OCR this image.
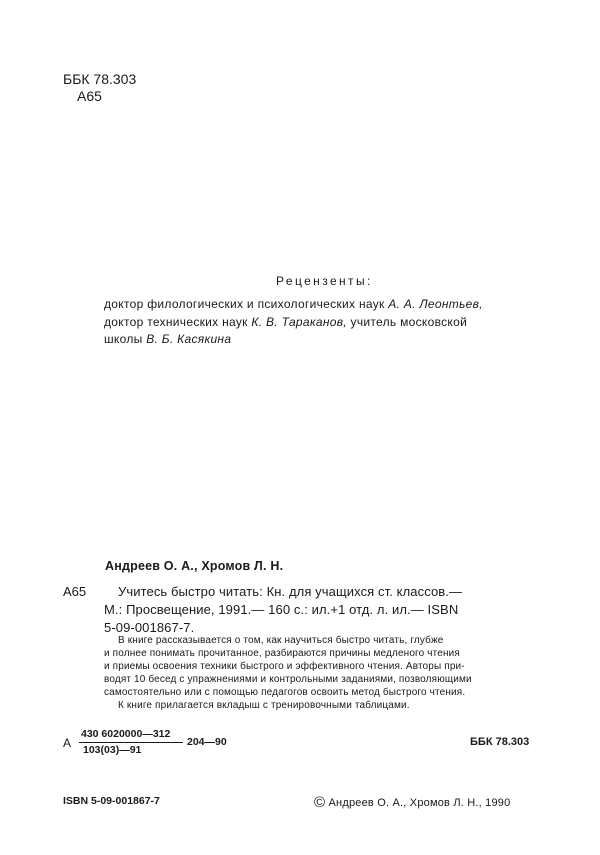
ББК 78.303
А65
Рецензенты:
доктор филологических и психологических наук А. А. Леонтьев,
доктор технических наук К. В. Тараканов, учитель московской
школы В. Б. Касякина
Андреев О. А., Хромов Л. Н.
А65 Учитесь быстро читать: Кн. для учащихся ст. классов.—
М.: Просвещение, 1991.— 160 с.: ил.+1 отд. л. ил.— ISBN
5-09-001867-7.
В книге рассказывается о том, как научиться быстро читать, глубже
и полнее понимать прочитанное, разбираются причины медленого чтения
и приемы освоения техники быстрого и эффективного чтения. Авторы при-
водят 10 бесед с упражнениями и контрольными заданиями, позволяющими
самостоятельно или с помощью педагогов освоить метод быстрого чтения.
К книге прилагается вкладыш с тренировочными таблицами.
А
430 6020000—312
103(03)—91
204—90	ББК 78.303
ISBN 5-09-001867-7	© Андреев О. А., Хромов Л. Н., 1990
